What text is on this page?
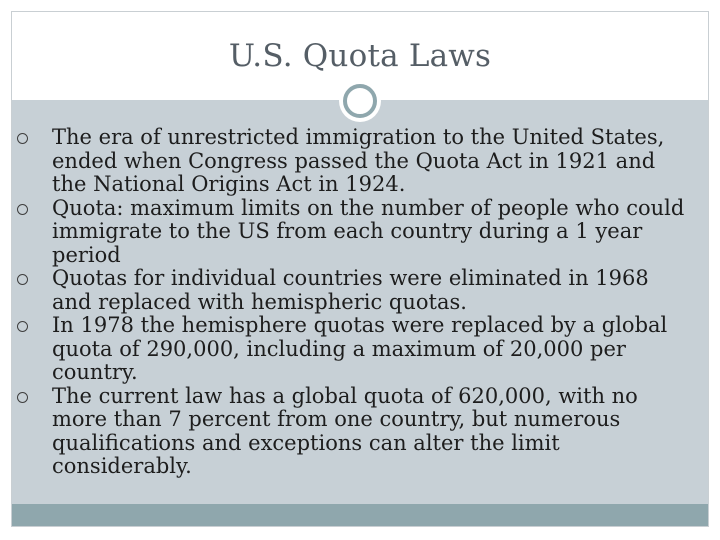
U.S. Quota Laws
The era of unrestricted immigration to the United States, ended when Congress passed the Quota Act in 1921 and the National Origins Act in 1924.
Quota: maximum limits on the number of people who could immigrate to the US from each country during a 1 year period
Quotas for individual countries were eliminated in 1968 and replaced with hemispheric quotas.
In 1978 the hemisphere quotas were replaced by a global quota of 290,000, including a maximum of 20,000 per country.
The current law has a global quota of 620,000, with no more than 7 percent from one country, but numerous qualifications and exceptions can alter the limit considerably.
